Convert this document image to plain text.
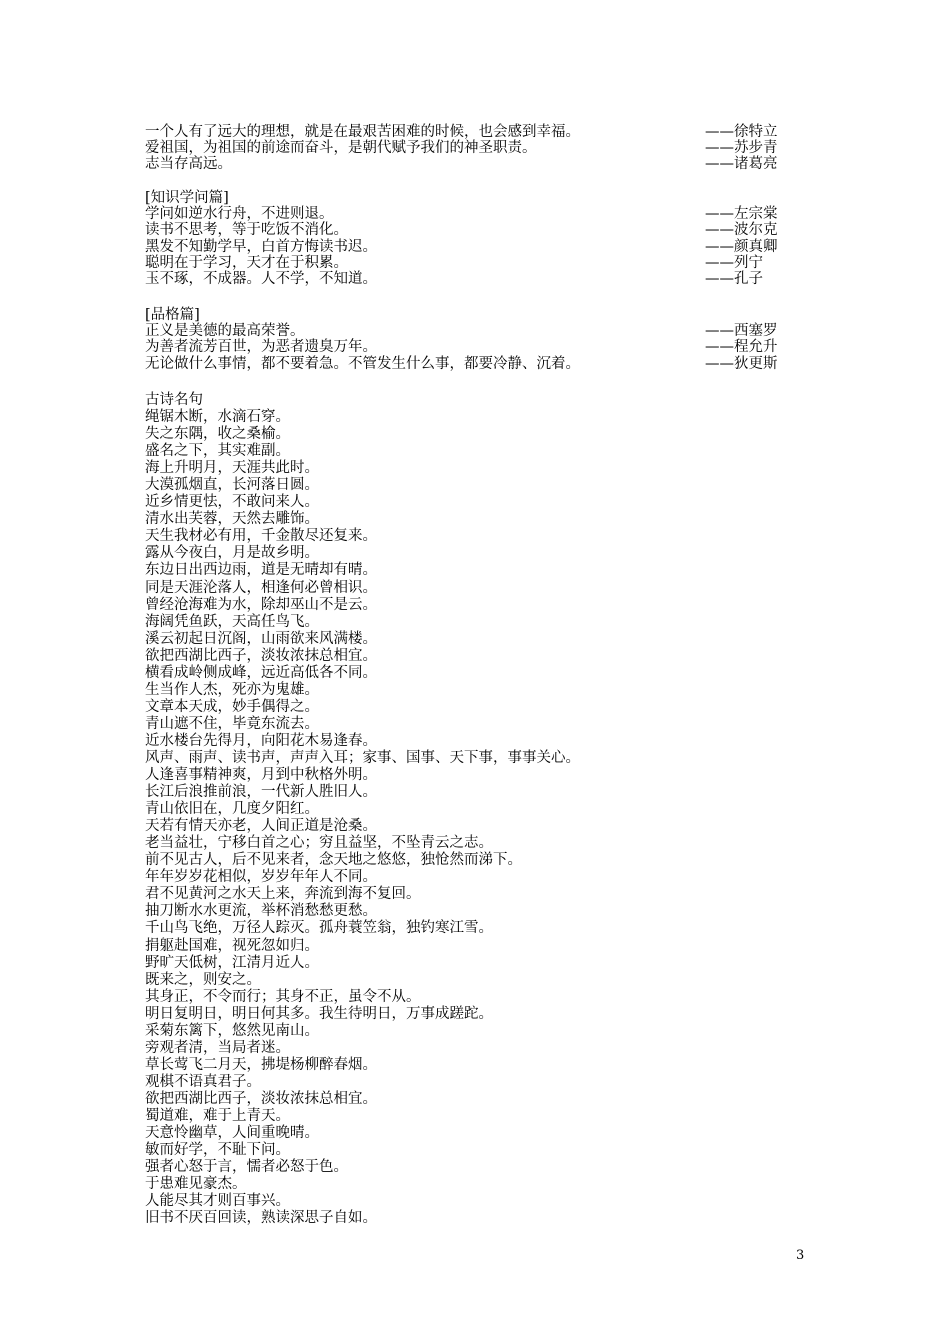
一个人有了远大的理想，就是在最艰苦困难的时候，也会感到幸福。	——徐特立
爱祖国，为祖国的前途而奋斗，是朝代赋予我们的神圣职责。	——苏步青
志当存高远。	——诸葛亮
[知识学问篇]
学问如逆水行舟，不进则退。	——左宗棠
读书不思考，等于吃饭不消化。	——波尔克
黑发不知勤学早，白首方悔读书迟。	——颜真卿
聪明在于学习，天才在于积累。	——列宁
玉不琢，不成器。人不学，不知道。	——孔子
[品格篇]
正义是美德的最高荣誉。	——西塞罗
为善者流芳百世，为恶者遗臭万年。	——程允升
无论做什么事情，都不要着急。不管发生什么事，都要冷静、沉着。	——狄更斯
古诗名句
绳锯木断，水滴石穿。
失之东隅，收之桑榆。
盛名之下，其实难副。
海上升明月，天涯共此时。
大漠孤烟直，长河落日圆。
近乡情更怯，不敢问来人。
清水出芙蓉，天然去雕饰。
天生我材必有用，千金散尽还复来。
露从今夜白，月是故乡明。
东边日出西边雨，道是无晴却有晴。
同是天涯沦落人，相逢何必曾相识。
曾经沧海难为水，除却巫山不是云。
海阔凭鱼跃，天高任鸟飞。
溪云初起日沉阁，山雨欲来风满楼。
欲把西湖比西子，淡妆浓抹总相宜。
横看成岭侧成峰，远近高低各不同。
生当作人杰，死亦为鬼雄。
文章本天成，妙手偶得之。
青山遮不住，毕竟东流去。
近水楼台先得月，向阳花木易逢春。
风声、雨声、读书声，声声入耳；家事、国事、天下事，事事关心。
人逢喜事精神爽，月到中秋格外明。
长江后浪推前浪，一代新人胜旧人。
青山依旧在，几度夕阳红。
天若有情天亦老，人间正道是沧桑。
老当益壮，宁移白首之心；穷且益坚，不坠青云之志。
前不见古人，后不见来者，念天地之悠悠，独怆然而涕下。
年年岁岁花相似，岁岁年年人不同。
君不见黄河之水天上来，奔流到海不复回。
抽刀断水水更流，举杯消愁愁更愁。
千山鸟飞绝，万径人踪灭。孤舟蓑笠翁，独钓寒江雪。
捐躯赴国难，视死忽如归。
野旷天低树，江清月近人。
既来之，则安之。
其身正，不令而行；其身不正，虽令不从。
明日复明日，明日何其多。我生待明日，万事成蹉跎。
采菊东篱下，悠然见南山。
旁观者清，当局者迷。
草长莺飞二月天，拂堤杨柳醉春烟。
观棋不语真君子。
欲把西湖比西子，淡妆浓抹总相宜。
蜀道难，难于上青天。
天意怜幽草，人间重晚晴。
敏而好学，不耻下问。
强者心怒于言，懦者必怒于色。
于患难见豪杰。
人能尽其才则百事兴。
旧书不厌百回读，熟读深思子自如。
3
